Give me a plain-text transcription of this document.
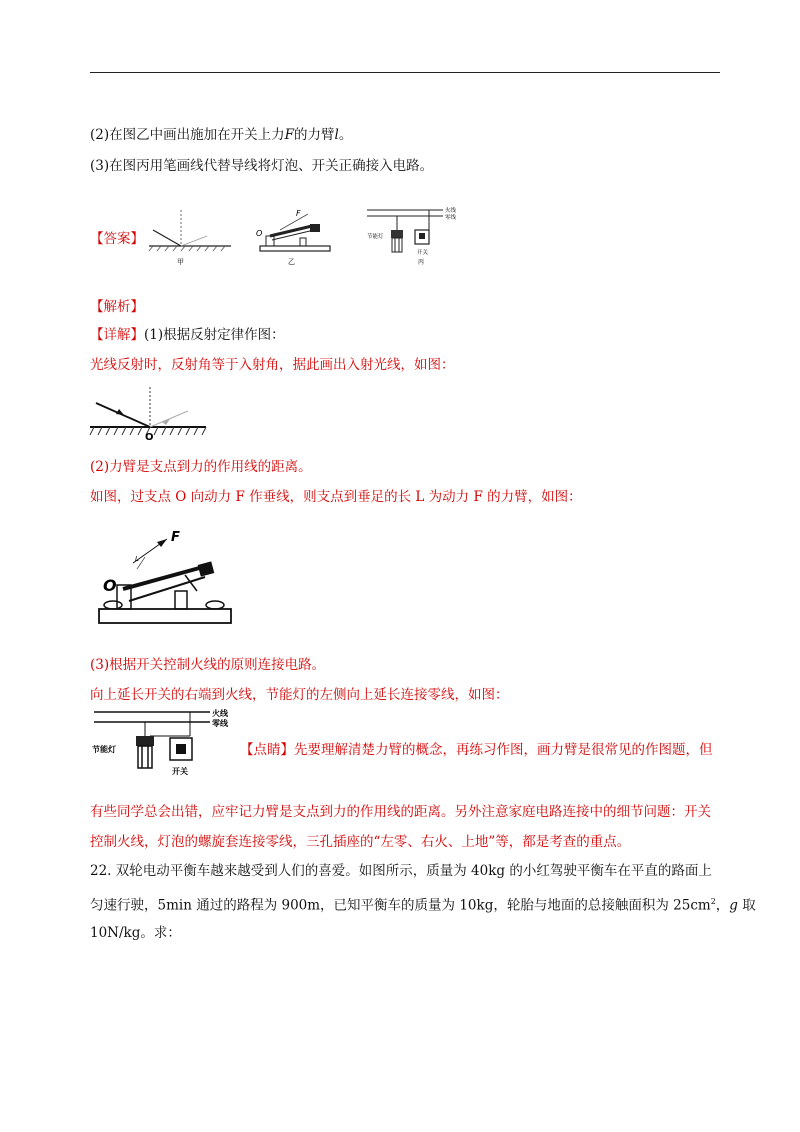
(2)在图乙中画出施加在开关上力F的力臂l。
(3)在图丙用笔画线代替导线将灯泡、开关正确接入电路。
【答案】
甲
F
O
乙
火线
零线
节能灯
开关
丙
【解析】
【详解】(1)根据反射定律作图：
光线反射时，反射角等于入射角，据此画出入射光线，如图：
O
(2)力臂是支点到力的作用线的距离。
如图，过支点 O 向动力 F 作垂线，则支点到垂足的长 L 为动力 F 的力臂，如图：
F
L
O
(3)根据开关控制火线的原则连接电路。
向上延长开关的右端到火线，节能灯的左侧向上延长连接零线，如图：
火线
零线
节能灯
开关
【点睛】先要理解清楚力臂的概念，再练习作图，画力臂是很常见的作图题，但
有些同学总会出错，应牢记力臂是支点到力的作用线的距离。另外注意家庭电路连接中的细节问题：开关
控制火线，灯泡的螺旋套连接零线，三孔插座的“左零、右火、上地”等，都是考查的重点。
22. 双轮电动平衡车越来越受到人们的喜爱。如图所示，质量为 40kg 的小红驾驶平衡车在平直的路面上
匀速行驶，5min 通过的路程为 900m，已知平衡车的质量为 10kg，轮胎与地面的总接触面积为 $25cm^2$，g 取
10N/kg。求：
